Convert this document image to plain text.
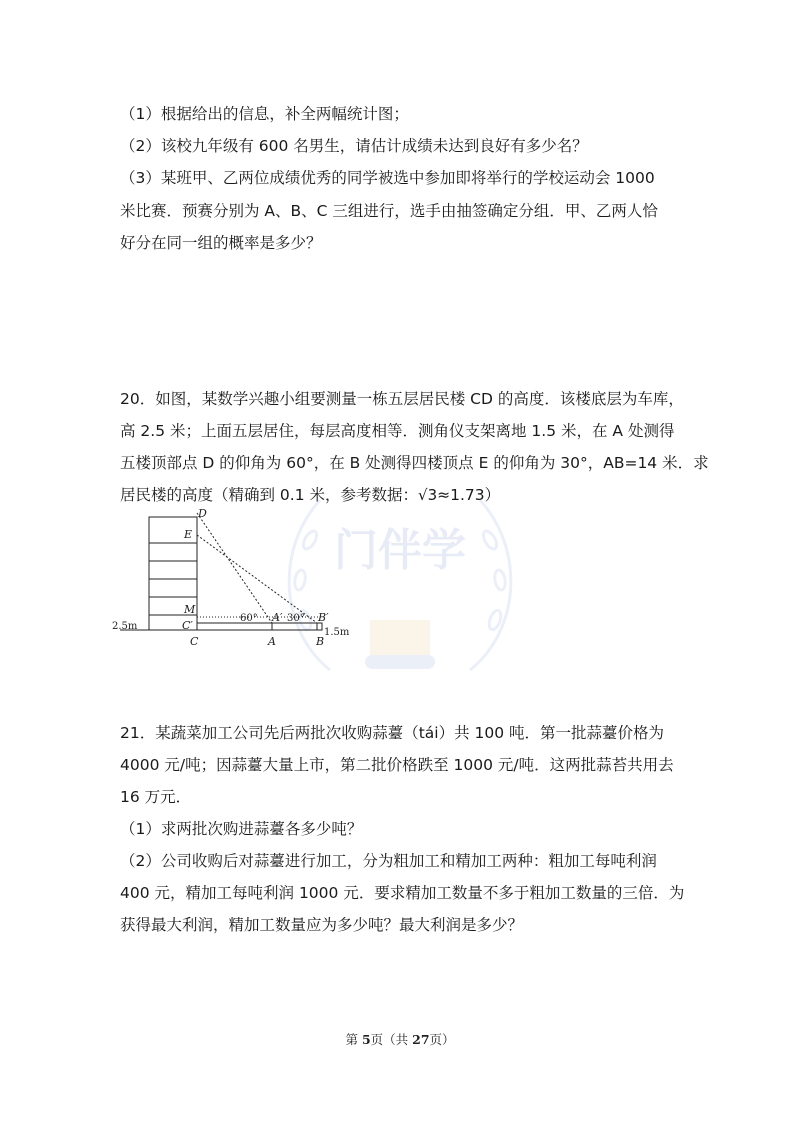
门伴学
（1）根据给出的信息，补全两幅统计图；
（2）该校九年级有 600 名男生，请估计成绩未达到良好有多少名？
（3）某班甲、乙两位成绩优秀的同学被选中参加即将举行的学校运动会 1000
米比赛．预赛分别为 A、B、C 三组进行，选手由抽签确定分组．甲、乙两人恰
好分在同一组的概率是多少？
20．如图，某数学兴趣小组要测量一栋五层居民楼 CD 的高度．该楼底层为车库，
高 2.5 米；上面五层居住，每层高度相等．测角仪支架离地 1.5 米，在 A 处测得
五楼顶部点 D 的仰角为 60°，在 B 处测得四楼顶点 E 的仰角为 30°，AB=14 米．求
居民楼的高度（精确到 0.1 米，参考数据：√3≈1.73）
D
E
M
C′
C	A	B
A′	B′
60°	30°
2.5m
1.5m
21．某蔬菜加工公司先后两批次收购蒜薹（tái）共 100 吨．第一批蒜薹价格为
4000 元/吨；因蒜薹大量上市，第二批价格跌至 1000 元/吨．这两批蒜苔共用去
16 万元．
（1）求两批次购进蒜薹各多少吨？
（2）公司收购后对蒜薹进行加工，分为粗加工和精加工两种：粗加工每吨利润
400 元，精加工每吨利润 1000 元．要求精加工数量不多于粗加工数量的三倍．为
获得最大利润，精加工数量应为多少吨？最大利润是多少？
第 5页（共 27页）
